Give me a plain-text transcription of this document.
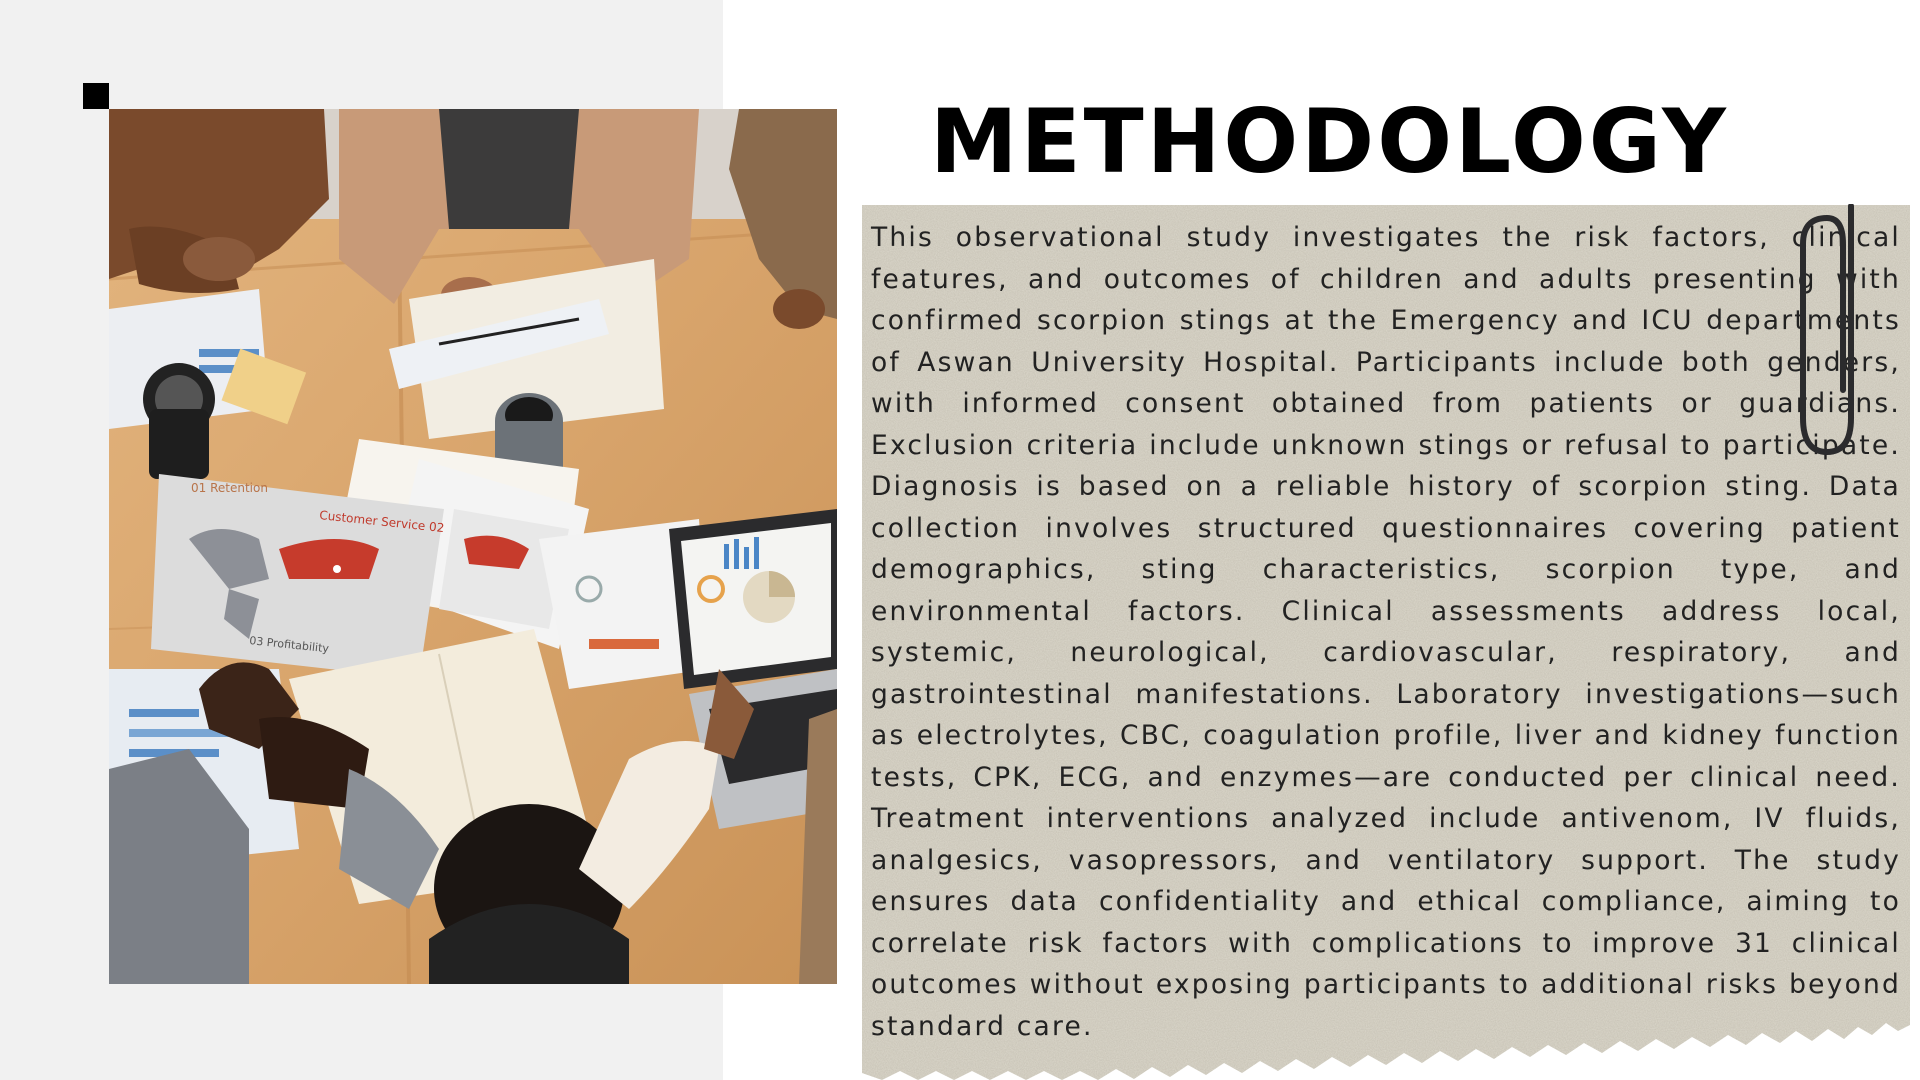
01 Retention
Customer Service 02
03 Profitability
METHODOLOGY

This observational study investigates the risk factors, clinical features, and outcomes of children and adults presenting with confirmed scorpion stings at the Emergency and ICU departments of Aswan University Hospital. Participants include both genders, with informed consent obtained from patients or guardians. Exclusion criteria include unknown stings or refusal to participate. Diagnosis is based on a reliable history of scorpion sting. Data collection involves structured questionnaires covering patient demographics, sting characteristics, scorpion type, and environmental factors. Clinical assessments address local, systemic, neurological, cardiovascular, respiratory, and gastrointestinal manifestations. Laboratory investigations—such as electrolytes, CBC, coagulation profile, liver and kidney function tests, CPK, ECG, and enzymes—are conducted per clinical need. Treatment interventions analyzed include antivenom, IV fluids, analgesics, vasopressors, and ventilatory support. The study ensures data confidentiality and ethical compliance, aiming to correlate risk factors with complications to improve 31 clinical outcomes without exposing participants to additional risks beyond standard care.
